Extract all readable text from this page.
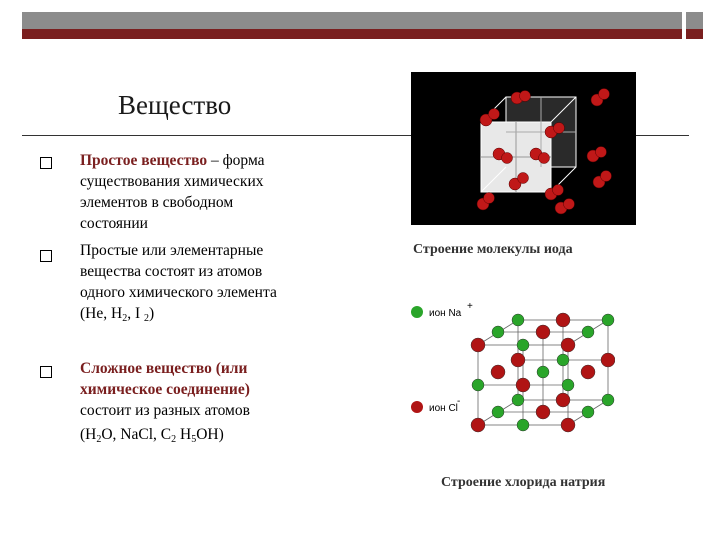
Вещество
Простое вещество – форма
существования химических
элементов в свободном
состоянии
Простые или элементарные
вещества состоят из атомов
одного химического элемента
(He, $H_2$, I $_2$)
Сложное вещество (или
химическое соединение)
состоит из разных атомов
($H_2O$, NaCl, $C_2$ $H_5OH$)
Строение молекулы иода
ион Na
+
ион Cl
-
Строение хлорида натрия
